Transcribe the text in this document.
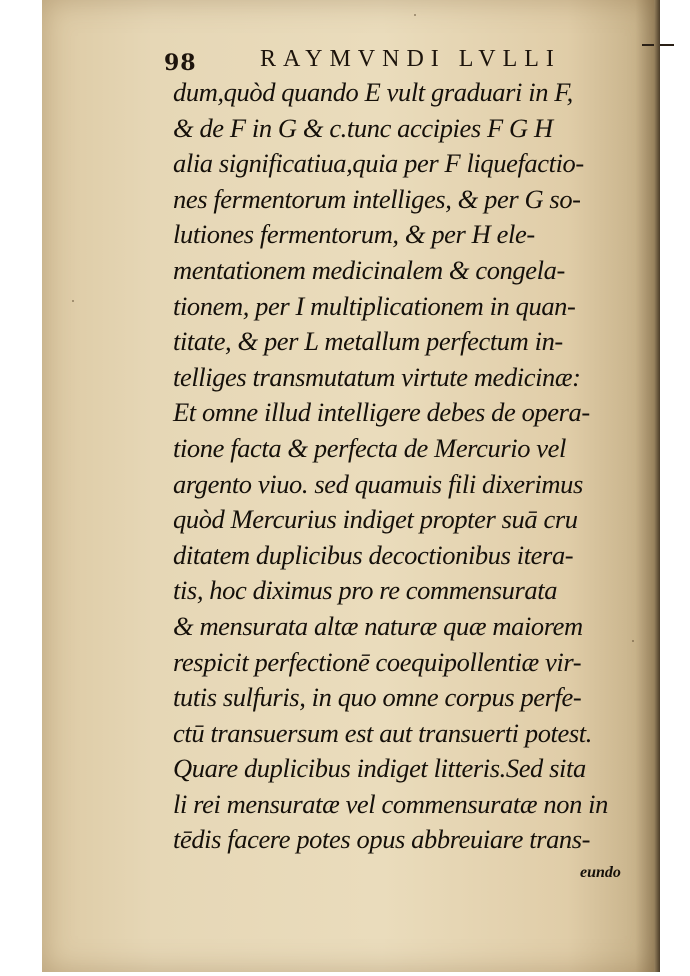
98	RAYMVNDI LVLLI
dum,quòd quando E vult graduari in F,
& de F in G & c.tunc accipies F G H
alia significatiua,quia per F liquefactio-
nes fermentorum intelliges, & per G so-
lutiones fermentorum, & per H ele-
mentationem medicinalem & congela-
tionem, per I multiplicationem in quan-
titate, & per L metallum perfectum in-
telliges transmutatum virtute medicinæ:
Et omne illud intelligere debes de opera-
tione facta & perfecta de Mercurio vel
argento viuo. sed quamuis fili dixerimus
quòd Mercurius indiget propter suā cru
ditatem duplicibus decoctionibus itera-
tis, hoc diximus pro re commensurata
& mensurata altæ naturæ quæ maiorem
respicit perfectionē coequipollentiæ vir-
tutis sulfuris, in quo omne corpus perfe-
ctū transuersum est aut transuerti potest.
Quare duplicibus indiget litteris.Sed sita
li rei mensuratæ vel commensuratæ non in
tēdis facere potes opus abbreuiare trans-
eundo
